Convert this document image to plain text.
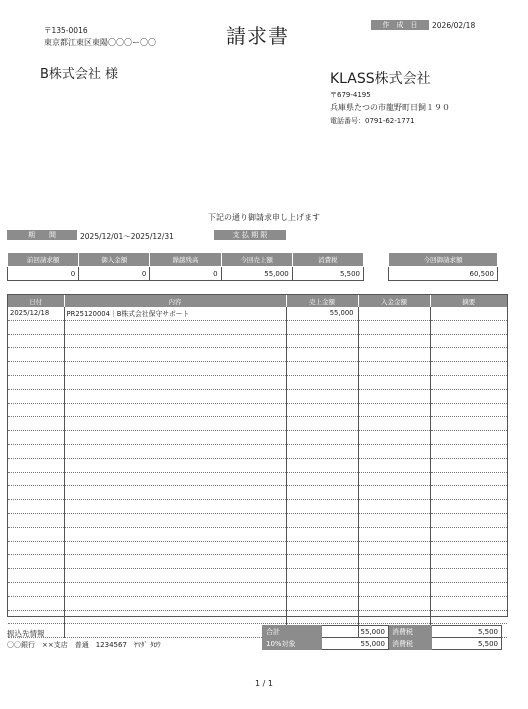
〒135-0016
東京都江東区東陽〇〇〇ー〇〇	請求書	作　成　日	2026/02/18
B株式会社 様	KLASS株式会社
〒679-4195
兵庫県たつの市龍野町日飼１９０
電話番号：0791-62-1771
下記の通り御請求申し上げます
期　　間	2025/12/01～2025/12/31	支 払 期 限
前回請求額	御入金額	繰越残高	今回売上額	消費税
0	0	0	55,000	5,500
今回御請求額
60,500
日付	内容	売上金額	入金金額	摘要
2025/12/18	PR25120004｜B株式会社保守サポート	55,000		

振込先情報
〇〇銀行　××支店　普通　1234567　ﾔﾏﾀﾞ ﾀﾛｳ
合計	55,000	消費税	5,500
10%対象	55,000	消費税	5,500
1 / 1
